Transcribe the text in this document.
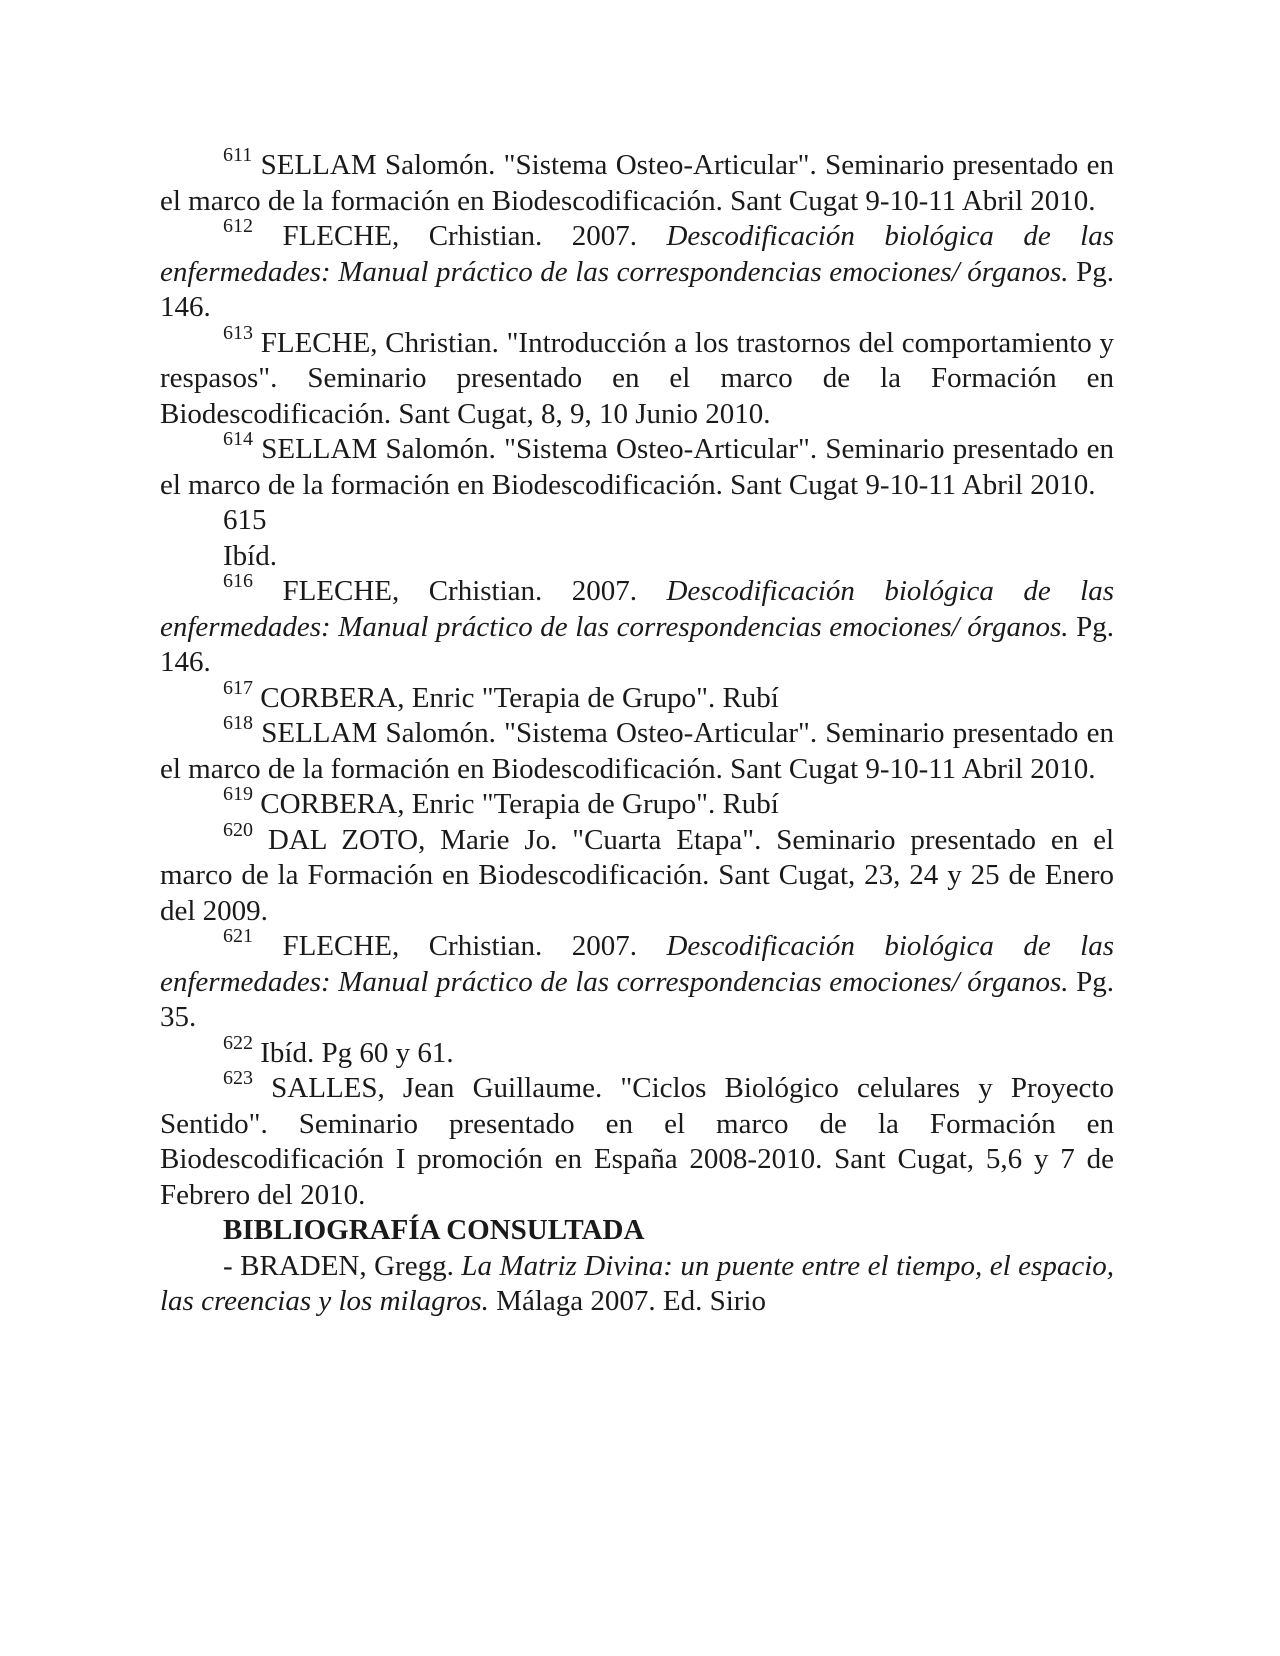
$^{611}$ SELLAM Salomón. "Sistema Osteo-Articular". Seminario presentado en el marco de la formación en Biodescodificación. Sant Cugat 9-10-11 Abril 2010.

$^{612}$ FLECHE, Crhistian. 2007. Descodificación biológica de las enfermedades: Manual práctico de las correspondencias emociones/ órganos. Pg. 146.

$^{613}$ FLECHE, Christian. "Introducción a los trastornos del comportamiento y respasos". Seminario presentado en el marco de la Formación en Biodescodificación. Sant Cugat, 8, 9, 10 Junio 2010.

$^{614}$ SELLAM Salomón. "Sistema Osteo-Articular". Seminario presentado en el marco de la formación en Biodescodificación. Sant Cugat 9-10-11 Abril 2010.

615

Ibíd.

$^{616}$ FLECHE, Crhistian. 2007. Descodificación biológica de las enfermedades: Manual práctico de las correspondencias emociones/ órganos. Pg. 146.

$^{617}$ CORBERA, Enric "Terapia de Grupo". Rubí

$^{618}$ SELLAM Salomón. "Sistema Osteo-Articular". Seminario presentado en el marco de la formación en Biodescodificación. Sant Cugat 9-10-11 Abril 2010.

$^{619}$ CORBERA, Enric "Terapia de Grupo". Rubí

$^{620}$ DAL ZOTO, Marie Jo. "Cuarta Etapa". Seminario presentado en el marco de la Formación en Biodescodificación. Sant Cugat, 23, 24 y 25 de Enero del 2009.

$^{621}$ FLECHE, Crhistian. 2007. Descodificación biológica de las enfermedades: Manual práctico de las correspondencias emociones/ órganos. Pg. 35.

$^{622}$ Ibíd. Pg 60 y 61.

$^{623}$ SALLES, Jean Guillaume. "Ciclos Biológico celulares y Proyecto Sentido". Seminario presentado en el marco de la Formación en Biodescodificación I promoción en España 2008-2010. Sant Cugat, 5,6 y 7 de Febrero del 2010.

BIBLIOGRAFÍA CONSULTADA

- BRADEN, Gregg. La Matriz Divina: un puente entre el tiempo, el espacio, las creencias y los milagros. Málaga 2007. Ed. Sirio
